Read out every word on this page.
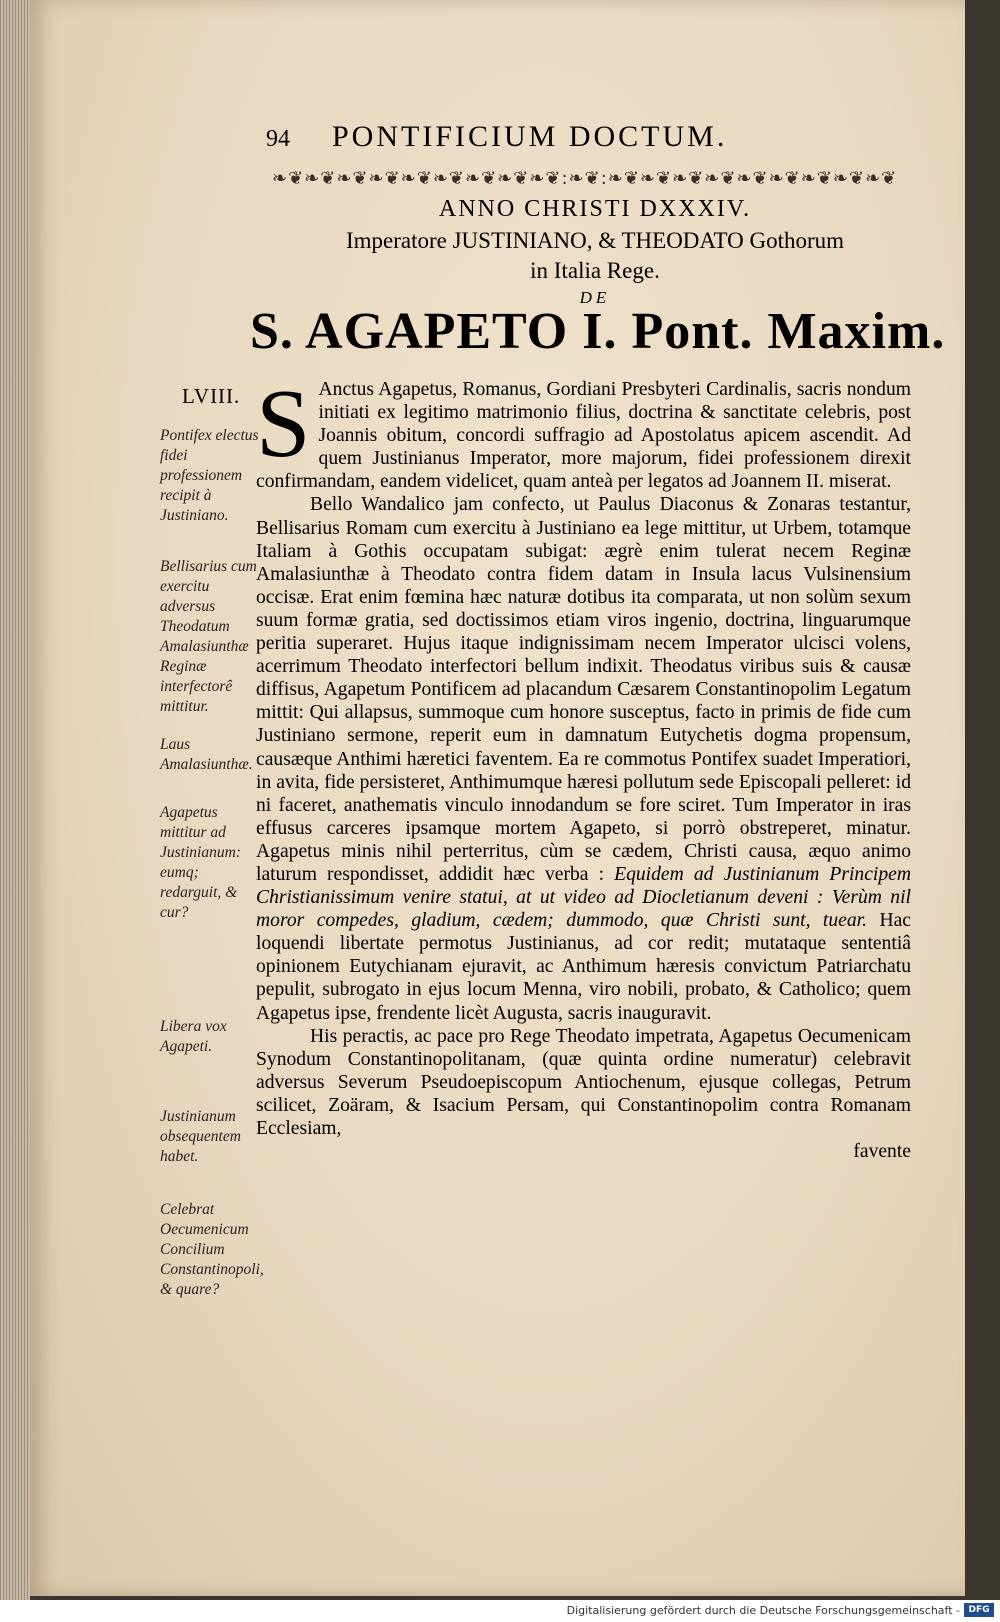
94 PONTIFICIUM DOCTUM.
❧❦❧❦❧❦❧❦❧❦❧❦❧❦❧❦❧❦:❧❦:❧❦❧❦❧❦❧❦❧❦❧❦❧❦❧❦❧❦
ANNO CHRISTI DXXXIV.
Imperatore JUSTINIANO, & THEODATO Gothorum
in Italia Rege.
DE
S. AGAPETO I. Pont. Maxim.
LVIII.
Pontifex electus fidei professionem recipit à Justiniano.
Bellisarius cum exercitu adversus Theodatum Amalasiunthæ Reginæ interfectorê mittitur.
Laus Amalasiunthæ.
Agapetus mittitur ad Justinianum: eumq; redarguit, & cur?
Libera vox Agapeti.
Justinianum obsequentem habet.
Celebrat Oecumenicum Concilium Constantinopoli, & quare?

S Anctus Agapetus, Romanus, Gordiani Presbyteri Cardinalis, sacris nondum initiati ex legitimo matrimonio filius, doctrina & sanctitate celebris, post Joannis obitum, concordi suffragio ad Apostolatus apicem ascendit. Ad quem Justinianus Imperator, more majorum, fidei professionem direxit confirmandam, eandem videlicet, quam anteà per legatos ad Joannem II. miserat.

Bello Wandalico jam confecto, ut Paulus Diaconus & Zonaras testantur, Bellisarius Romam cum exercitu à Justiniano ea lege mittitur, ut Urbem, totamque Italiam à Gothis occupatam subigat: ægrè enim tulerat necem Reginæ Amalasiunthæ à Theodato contra fidem datam in Insula lacus Vulsinensium occisæ. Erat enim fœmina hæc naturæ dotibus ita comparata, ut non solùm sexum suum formæ gratia, sed doctissimos etiam viros ingenio, doctrina, linguarumque peritia superaret. Hujus itaque indignissimam necem Imperator ulcisci volens, acerrimum Theodato interfectori bellum indixit. Theodatus viribus suis & causæ diffisus, Agapetum Pontificem ad placandum Cæsarem Constantinopolim Legatum mittit: Qui allapsus, summoque cum honore susceptus, facto in primis de fide cum Justiniano sermone, reperit eum in damnatum Eutychetis dogma propensum, causæque Anthimi hæretici faventem. Ea re commotus Pontifex suadet Imperatiori, in avita, fide persisteret, Anthimumque hæresi pollutum sede Episcopali pelleret: id ni faceret, anathematis vinculo innodandum se fore sciret. Tum Imperator in iras effusus carceres ipsamque mortem Agapeto, si porrò obstreperet, minatur. Agapetus minis nihil perterritus, cùm se cædem, Christi causa, æquo animo laturum respondisset, addidit hæc verba : Equidem ad Justinianum Principem Christianissimum venire statui, at ut video ad Diocletianum deveni : Verùm nil moror compedes, gladium, cædem; dummodo, quæ Christi sunt, tuear. Hac loquendi libertate permotus Justinianus, ad cor redit; mutataque sententiâ opinionem Eutychianam ejuravit, ac Anthimum hæresis convictum Patriarchatu pepulit, subrogato in ejus locum Menna, viro nobili, probato, & Catholico; quem Agapetus ipse, frendente licèt Augusta, sacris inauguravit.

His peractis, ac pace pro Rege Theodato impetrata, Agapetus Oecumenicam Synodum Constantinopolitanam, (quæ quinta ordine numeratur) celebravit adversus Severum Pseudoepiscopum Antiochenum, ejusque collegas, Petrum scilicet, Zoäram, & Isacium Persam, qui Constantinopolim contra Romanam Ecclesiam,

favente

Digitalisierung gefördert durch die Deutsche Forschungsgemeinschaft - DFG
